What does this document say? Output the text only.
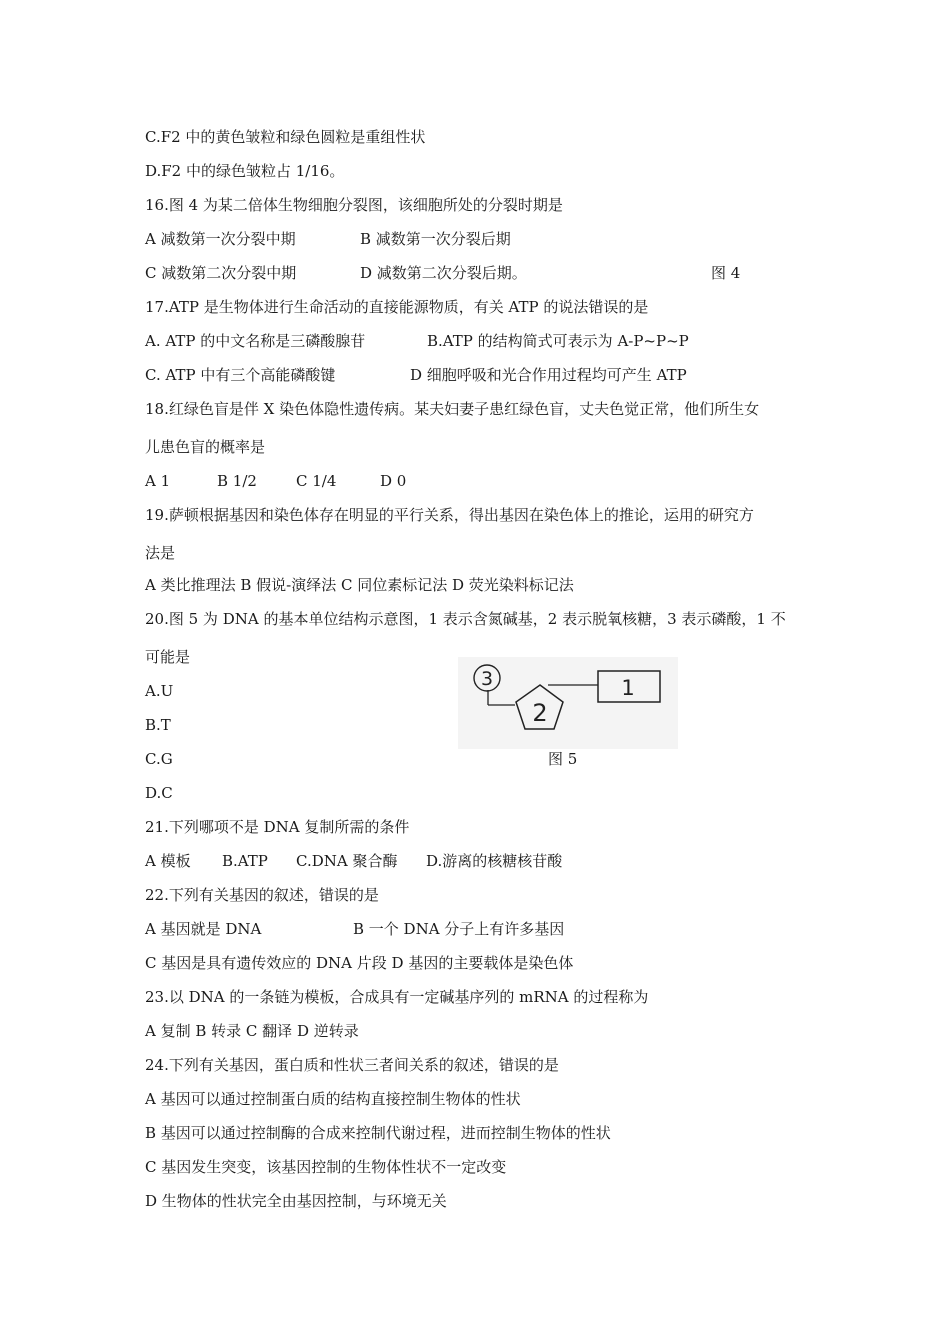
C.F2 中的黄色皱粒和绿色圆粒是重组性状
D.F2 中的绿色皱粒占 1/16。
16.图 4 为某二倍体生物细胞分裂图，该细胞所处的分裂时期是
A 减数第一次分裂中期	B 减数第一次分裂后期
C 减数第二次分裂中期	D 减数第二次分裂后期。	图 4
17.ATP 是生物体进行生命活动的直接能源物质，有关 ATP 的说法错误的是
A. ATP 的中文名称是三磷酸腺苷	B.ATP 的结构简式可表示为 A-P~P~P
C. ATP 中有三个高能磷酸键	D 细胞呼吸和光合作用过程均可产生 ATP
18.红绿色盲是伴 X 染色体隐性遗传病。某夫妇妻子患红绿色盲，丈夫色觉正常，他们所生女
儿患色盲的概率是
A 1	B 1/2	C 1/4	D 0
19.萨顿根据基因和染色体存在明显的平行关系，得出基因在染色体上的推论，运用的研究方
法是
A 类比推理法 B 假说-演绎法 C 同位素标记法 D 荧光染料标记法
20.图 5 为 DNA 的基本单位结构示意图，1 表示含氮碱基，2 表示脱氧核糖，3 表示磷酸，1 不
可能是
A.U
B.T
C.G	图 5
D.C
3
2
1
21.下列哪项不是 DNA 复制所需的条件
A 模板 B.ATP C.DNA 聚合酶 D.游离的核糖核苷酸
22.下列有关基因的叙述，错误的是
A 基因就是 DNA	B 一个 DNA 分子上有许多基因
C 基因是具有遗传效应的 DNA 片段 D 基因的主要载体是染色体
23.以 DNA 的一条链为模板，合成具有一定碱基序列的 mRNA 的过程称为
A 复制 B 转录 C 翻译 D 逆转录
24.下列有关基因，蛋白质和性状三者间关系的叙述，错误的是
A 基因可以通过控制蛋白质的结构直接控制生物体的性状
B 基因可以通过控制酶的合成来控制代谢过程，进而控制生物体的性状
C 基因发生突变，该基因控制的生物体性状不一定改变
D 生物体的性状完全由基因控制，与环境无关
